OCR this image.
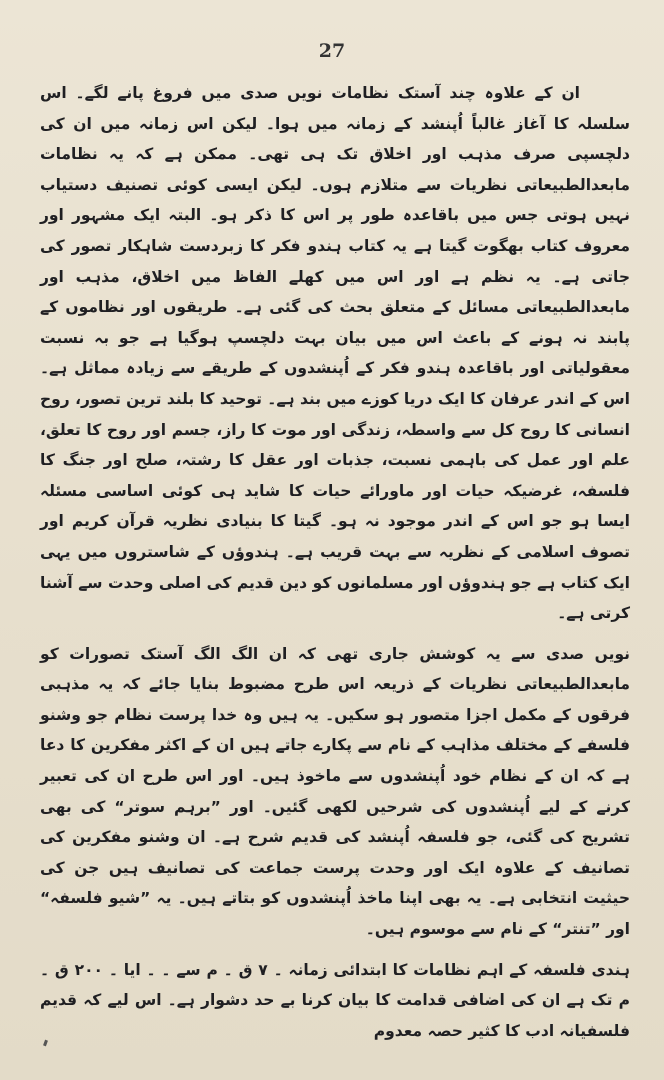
27

ان کے علاوہ چند آستک نظامات نویں صدی میں فروغ پانے لگے۔ اس سلسلہ کا آغاز غالباً اُپنشد کے زمانہ میں ہوا۔ لیکن اس زمانہ میں ان کی دلچسپی صرف مذہب اور اخلاق تک ہی تھی۔ ممکن ہے کہ یہ نظامات مابعدالطبیعاتی نظریات سے متلازم ہوں۔ لیکن ایسی کوئی تصنیف دستیاب نہیں ہوتی جس میں باقاعدہ طور پر اس کا ذکر ہو۔ البتہ ایک مشہور اور معروف کتاب بھگوت گیتا ہے یہ کتاب ہندو فکر کا زبردست شاہکار تصور کی جاتی ہے۔ یہ نظم ہے اور اس میں کھلے الفاظ میں اخلاق، مذہب اور مابعدالطبیعاتی مسائل کے متعلق بحث کی گئی ہے۔ طریقوں اور نظاموں کے پابند نہ ہونے کے باعث اس میں بیان بہت دلچسپ ہوگیا ہے جو بہ نسبت معقولیاتی اور باقاعدہ ہندو فکر کے اُپنشدوں کے طریقے سے زیادہ مماثل ہے۔ اس کے اندر عرفان کا ایک دریا کوزے میں بند ہے۔ توحید کا بلند ترین تصور، روح انسانی کا روح کل سے واسطہ، زندگی اور موت کا راز، جسم اور روح کا تعلق، علم اور عمل کی باہمی نسبت، جذبات اور عقل کا رشتہ، صلح اور جنگ کا فلسفہ، غرضیکہ حیات اور ماورائے حیات کا شاید ہی کوئی اساسی مسئلہ ایسا ہو جو اس کے اندر موجود نہ ہو۔ گیتا کا بنیادی نظریہ قرآن کریم اور تصوف اسلامی کے نظریہ سے بہت قریب ہے۔ ہندوؤں کے شاستروں میں یہی ایک کتاب ہے جو ہندوؤں اور مسلمانوں کو دین قدیم کی اصلی وحدت سے آشنا کرتی ہے۔

نویں صدی سے یہ کوشش جاری تھی کہ ان الگ الگ آستک تصورات کو مابعدالطبیعاتی نظریات کے ذریعہ اس طرح مضبوط بنایا جائے کہ یہ مذہبی فرقوں کے مکمل اجزا متصور ہو سکیں۔ یہ ہیں وہ خدا پرست نظام جو وشنو فلسفے کے مختلف مذاہب کے نام سے پکارے جاتے ہیں ان کے اکثر مفکرین کا دعا ہے کہ ان کے نظام خود اُپنشدوں سے ماخوذ ہیں۔ اور اس طرح ان کی تعبیر کرنے کے لیے اُپنشدوں کی شرحیں لکھی گئیں۔ اور ”برہم سوتر“ کی بھی تشریح کی گئی، جو فلسفہ اُپنشد کی قدیم شرح ہے۔ ان وشنو مفکرین کی تصانیف کے علاوہ ایک اور وحدت پرست جماعت کی تصانیف ہیں جن کی حیثیت انتخابی ہے۔ یہ بھی اپنا ماخذ اُپنشدوں کو بتاتے ہیں۔ یہ ”شیو فلسفہ“ اور ”تنتر“ کے نام سے موسوم ہیں۔

ہندی فلسفہ کے اہم نظامات کا ابتدائی زمانہ ۔ ۷ ق ۔ م سے ۔ ۔ ایا ۔ ۲۰۰ ق ۔ م تک ہے ان کی اضافی قدامت کا بیان کرنا بے حد دشوار ہے۔ اس لیے کہ قدیم فلسفیانہ ادب کا کثیر حصہ معدوم
